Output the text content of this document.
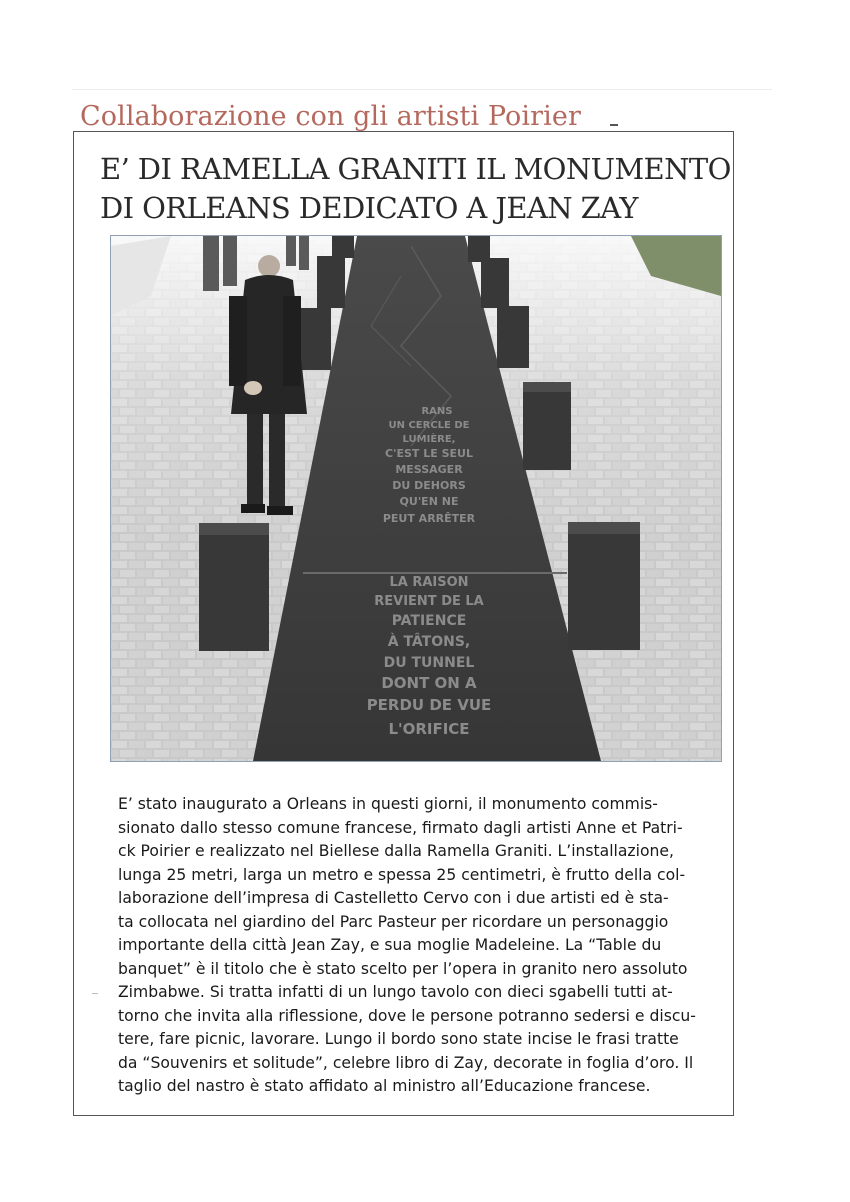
Collaborazione con gli artisti Poirier
E’ DI RAMELLA GRANITI IL MONUMENTO
DI ORLEANS DEDICATO A JEAN ZAY
RANS
UN CERCLE DE
LUMIÈRE,
C'EST LE SEUL
MESSAGER
DU DEHORS
QU'EN NE
PEUT ARRÊTER
LA RAISON
REVIENT DE LA
PATIENCE
À TÂTONS,
DU TUNNEL
DONT ON A
PERDU DE VUE
L'ORIFICE
E’ stato inaugurato a Orleans in questi giorni, il monumento commis-
sionato dallo stesso comune francese, firmato dagli artisti Anne et Patri-
ck Poirier e realizzato nel Biellese dalla Ramella Graniti. L’installazione,
lunga 25 metri, larga un metro e spessa 25 centimetri, è frutto della col-
laborazione dell’impresa di Castelletto Cervo con i due artisti ed è sta-
ta collocata nel giardino del Parc Pasteur per ricordare un personaggio
importante della città Jean Zay, e sua moglie Madeleine. La “Table du
banquet” è il titolo che è stato scelto per l’opera in granito nero assoluto
Zimbabwe. Si tratta infatti di un lungo tavolo con dieci sgabelli tutti at-
torno che invita alla riflessione, dove le persone potranno sedersi e discu-
tere, fare picnic, lavorare. Lungo il bordo sono state incise le frasi tratte
da “Souvenirs et solitude”, celebre libro di Zay, decorate in foglia d’oro. Il
taglio del nastro è stato affidato al ministro all’Educazione francese.
